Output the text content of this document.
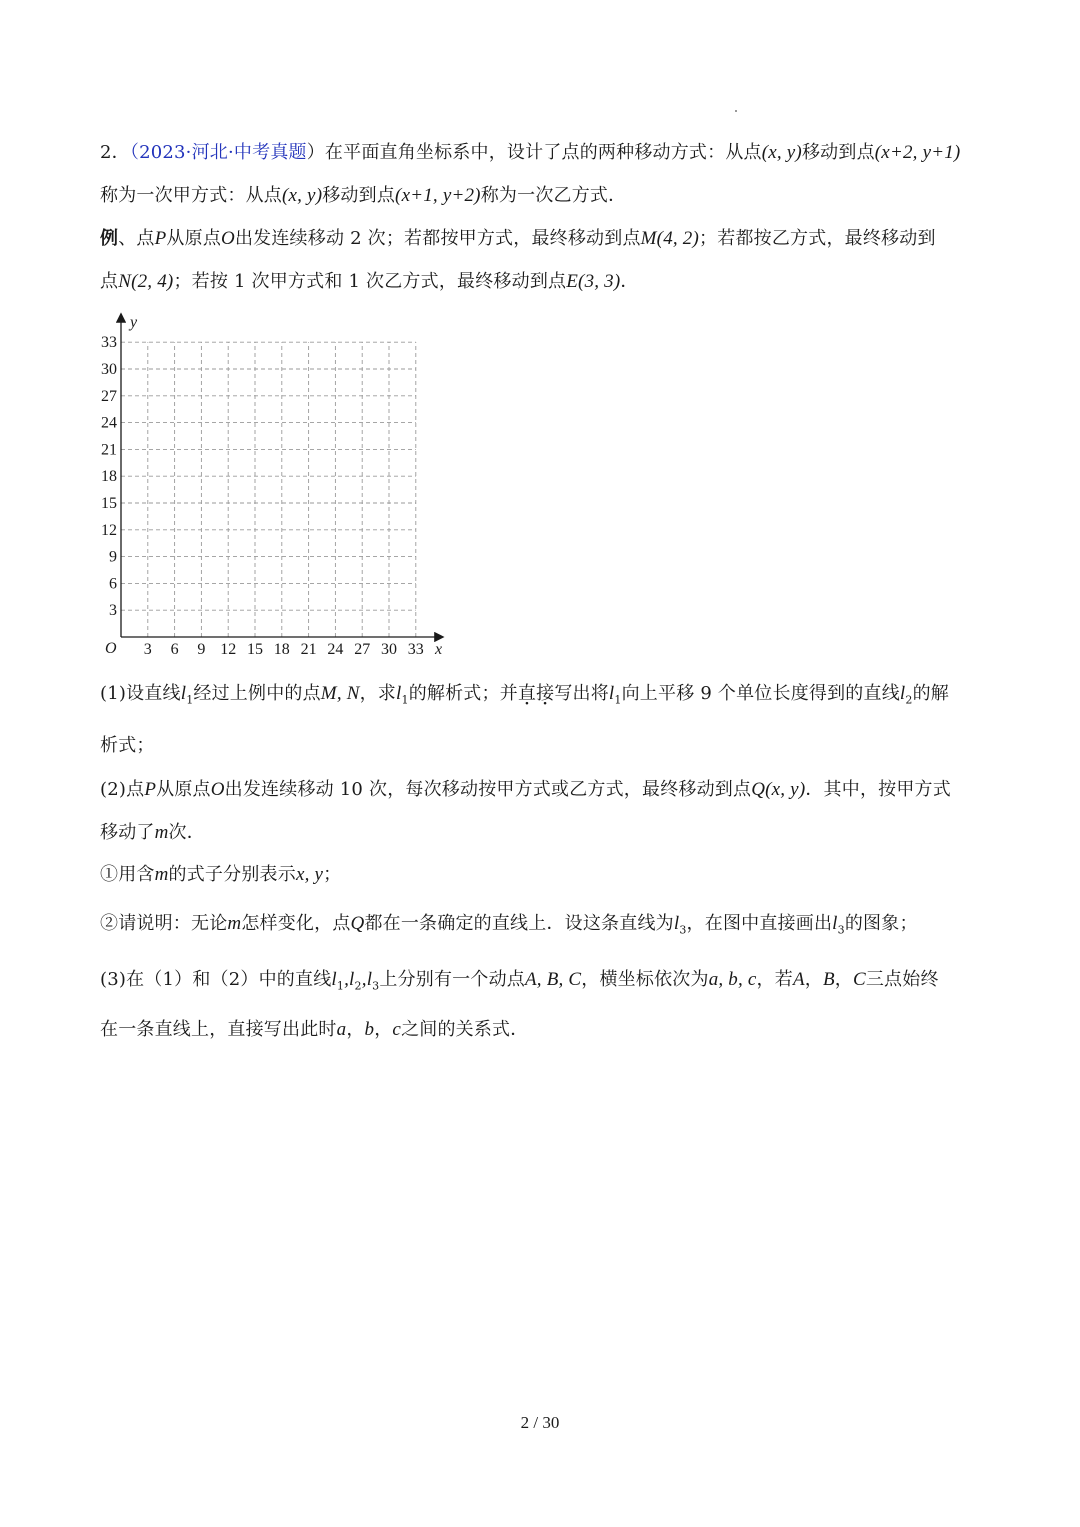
2．（2023·河北·中考真题）在平面直角坐标系中，设计了点的两种移动方式：从点(x, y)移动到点(x+2, y+1)
称为一次甲方式：从点(x, y)移动到点(x+1, y+2)称为一次乙方式．
例、点P从原点O出发连续移动 2 次；若都按甲方式，最终移动到点M(4, 2)；若都按乙方式，最终移动到
点N(2, 4)；若按 1 次甲方式和 1 次乙方式，最终移动到点E(3, 3)．
3
6
9
12
15
18
21
24
27
30
33
3 6 9 12 15 18 21 24 27 30 33
O	x
y
(1)设直线$l_1$经过上例中的点M, N，求$l_1$的解析式；并直接写出将$l_1$向上平移 9 个单位长度得到的直线$l_2$的解
析式；
(2)点P从原点O出发连续移动 10 次，每次移动按甲方式或乙方式，最终移动到点Q(x, y)．其中，按甲方式
移动了m次．
①用含m的式子分别表示x, y；
②请说明：无论m怎样变化，点Q都在一条确定的直线上．设这条直线为$l_3$，在图中直接画出$l_3$的图象；
(3)在（1）和（2）中的直线$l_1,l_2,l_3$上分别有一个动点A, B, C，横坐标依次为a, b, c，若A，B，C三点始终
在一条直线上，直接写出此时a，b，c之间的关系式．
2 / 30
